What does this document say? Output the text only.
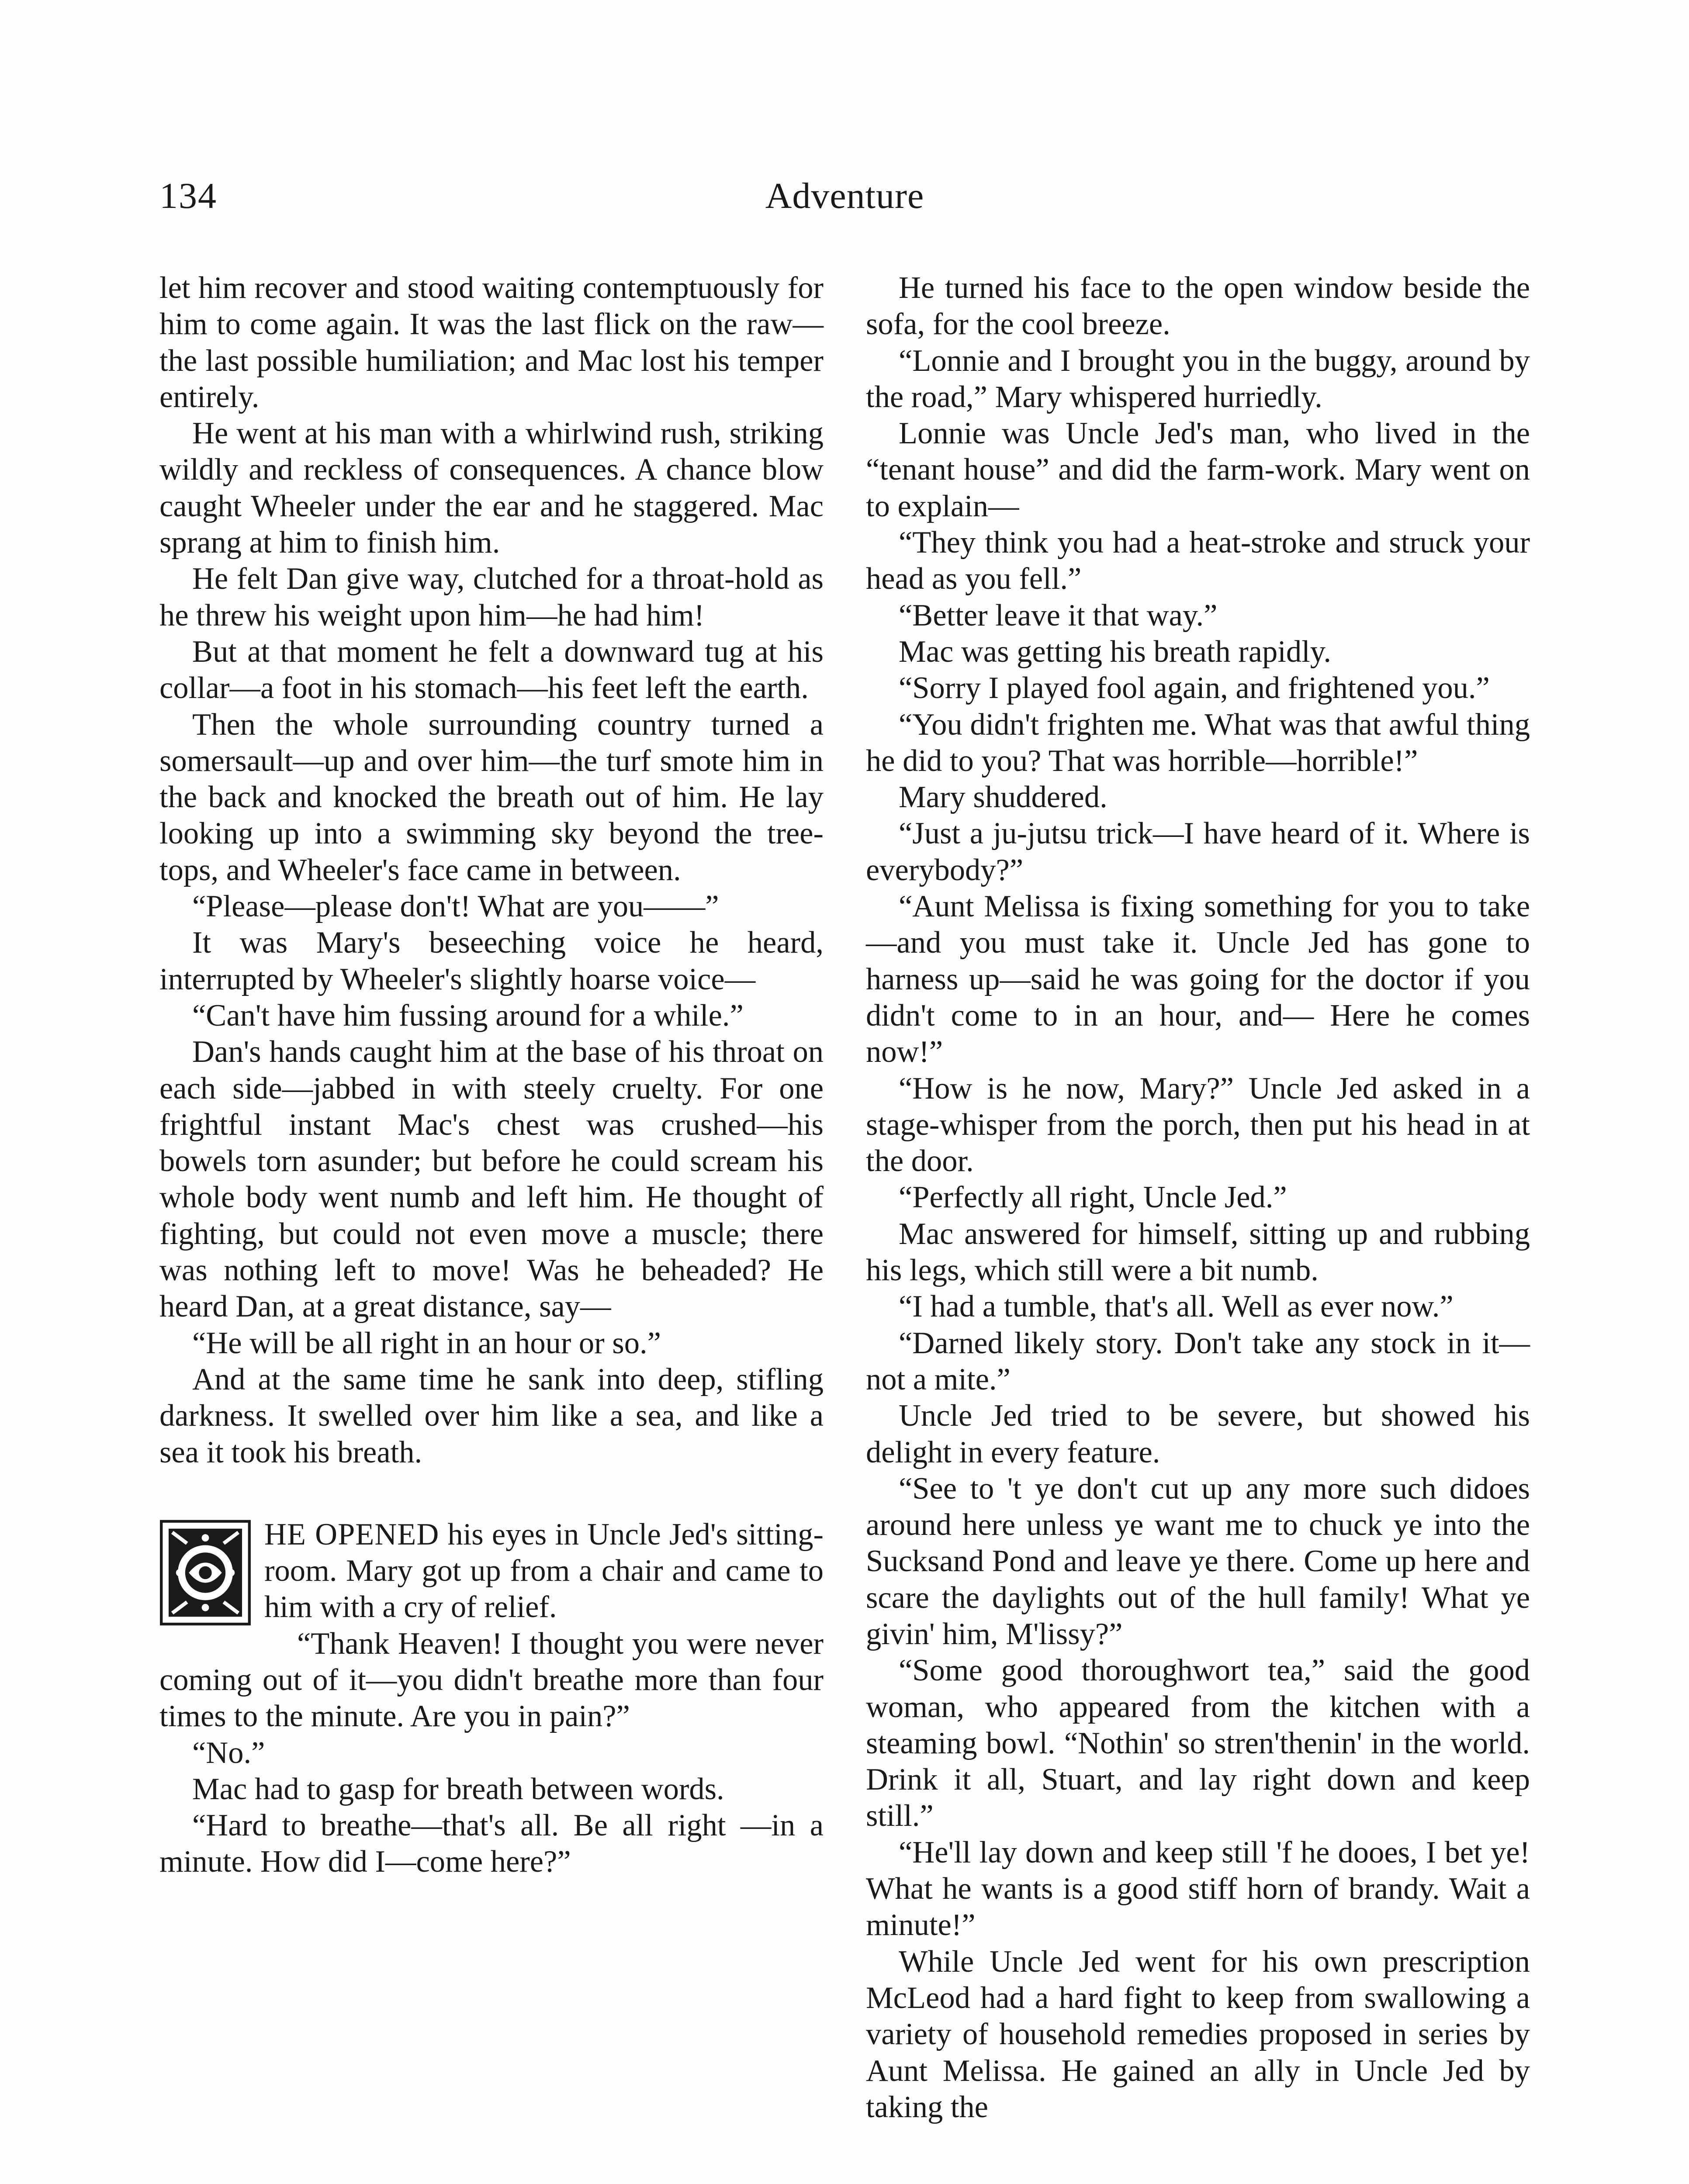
134	Adventure

let him recover and stood waiting contemptuously for him to come again. It was the last flick on the raw—the last possible humiliation; and Mac lost his temper entirely.

He went at his man with a whirlwind rush, striking wildly and reckless of consequences. A chance blow caught Wheeler under the ear and he staggered. Mac sprang at him to finish him.

He felt Dan give way, clutched for a throat-hold as he threw his weight upon him—he had him!

But at that moment he felt a downward tug at his collar—a foot in his stomach—his feet left the earth.

Then the whole surrounding country turned a somersault—up and over him—the turf smote him in the back and knocked the breath out of him. He lay looking up into a swimming sky beyond the tree-tops, and Wheeler's face came in between.

“Please—please don't! What are you——”

It was Mary's beseeching voice he heard, interrupted by Wheeler's slightly hoarse voice—

“Can't have him fussing around for a while.”

Dan's hands caught him at the base of his throat on each side—jabbed in with steely cruelty. For one frightful instant Mac's chest was crushed—his bowels torn asunder; but before he could scream his whole body went numb and left him. He thought of fighting, but could not even move a muscle; there was nothing left to move! Was he beheaded? He heard Dan, at a great distance, say—

“He will be all right in an hour or so.”

And at the same time he sank into deep, stifling darkness. It swelled over him like a sea, and like a sea it took his breath.

HE OPENED his eyes in Uncle Jed's sitting-room. Mary got up from a chair and came to him with a cry of relief.

“Thank Heaven! I thought you were never coming out of it—you didn't breathe more than four times to the minute. Are you in pain?”

“No.”

Mac had to gasp for breath between words.

“Hard to breathe—that's all. Be all right —in a minute. How did I—come here?”

He turned his face to the open window beside the sofa, for the cool breeze.

“Lonnie and I brought you in the buggy, around by the road,” Mary whispered hurriedly.

Lonnie was Uncle Jed's man, who lived in the “tenant house” and did the farm-work. Mary went on to explain—

“They think you had a heat-stroke and struck your head as you fell.”

“Better leave it that way.”

Mac was getting his breath rapidly.

“Sorry I played fool again, and frightened you.”

“You didn't frighten me. What was that awful thing he did to you? That was horrible—horrible!”

Mary shuddered.

“Just a ju-jutsu trick—I have heard of it. Where is everybody?”

“Aunt Melissa is fixing something for you to take—and you must take it. Uncle Jed has gone to harness up—said he was going for the doctor if you didn't come to in an hour, and— Here he comes now!”

“How is he now, Mary?” Uncle Jed asked in a stage-whisper from the porch, then put his head in at the door.

“Perfectly all right, Uncle Jed.”

Mac answered for himself, sitting up and rubbing his legs, which still were a bit numb.

“I had a tumble, that's all. Well as ever now.”

“Darned likely story. Don't take any stock in it—not a mite.”

Uncle Jed tried to be severe, but showed his delight in every feature.

“See to 't ye don't cut up any more such didoes around here unless ye want me to chuck ye into the Sucksand Pond and leave ye there. Come up here and scare the daylights out of the hull family! What ye givin' him, M'lissy?”

“Some good thoroughwort tea,” said the good woman, who appeared from the kitchen with a steaming bowl. “Nothin' so stren'thenin' in the world. Drink it all, Stuart, and lay right down and keep still.”

“He'll lay down and keep still 'f he dooes, I bet ye! What he wants is a good stiff horn of brandy. Wait a minute!”

While Uncle Jed went for his own prescription McLeod had a hard fight to keep from swallowing a variety of household remedies proposed in series by Aunt Melissa. He gained an ally in Uncle Jed by taking the
